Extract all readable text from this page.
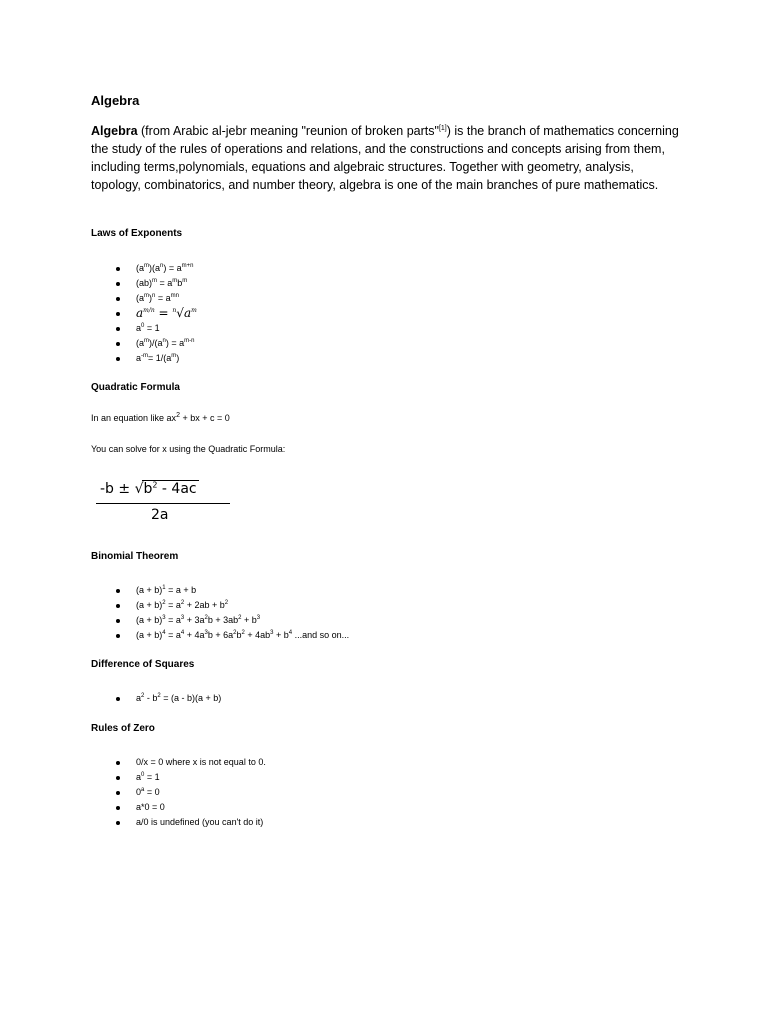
Algebra
Algebra (from Arabic al-jebr meaning "reunion of broken parts"[1]) is the branch of mathematics concerning the study of the rules of operations and relations, and the constructions and concepts arising from them, including terms,polynomials, equations and algebraic structures. Together with geometry, analysis, topology, combinatorics, and number theory, algebra is one of the main branches of pure mathematics.
Laws of Exponents
$(a^m)(a^n) = a^{m+n}$
$(ab)^m = a^mb^m$
$(a^m)^n = a^{mn}$
$a^{m/n} = ^n√a^m$
$a^0 = 1$
$(a^m)/(a^n) = a^{m-n}$
$a^{-m}= 1/(a^m)$
Quadratic Formula
In an equation like $ax^2$ + bx + c = 0
You can solve for x using the Quadratic Formula:
$-b \pm √b^2 - 4ac$
2a
Binomial Theorem
$(a + b)^1 = a + b$
$(a + b)^2 = a^2 + 2ab + b^2$
$(a + b)^3 = a^3 + 3a^2b + 3ab^2 + b^3$
$(a + b)^4 = a^4 + 4a^3b + 6a^2b^2 + 4ab^3 + b^4$ ...and so on...
Difference of Squares
$a^2 - b^2 = (a - b)(a + b)$
Rules of Zero
0/x = 0 where x is not equal to 0.
$a^0 = 1$
$0^a = 0$
a*0 = 0
a/0 is undefined (you can't do it)
